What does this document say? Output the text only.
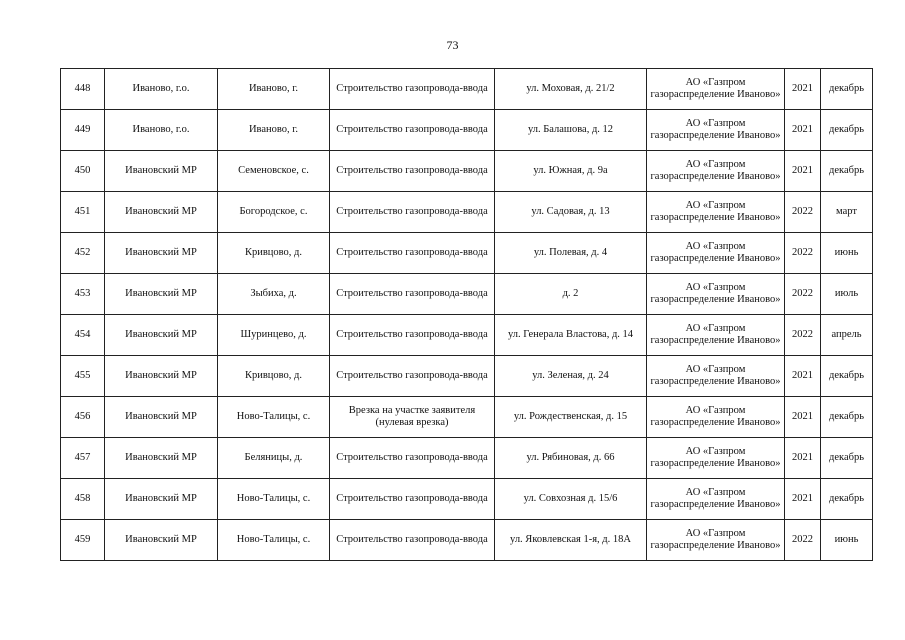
73
448	Иваново, г.о.	Иваново, г.	Строительство газопровода-ввода	ул. Моховая, д. 21/2	АО «Газпром газораспределение Иваново»	2021	декабрь
449	Иваново, г.о.	Иваново, г.	Строительство газопровода-ввода	ул. Балашова, д. 12	АО «Газпром газораспределение Иваново»	2021	декабрь
450	Ивановский МР	Семеновское, с.	Строительство газопровода-ввода	ул. Южная, д. 9а	АО «Газпром газораспределение Иваново»	2021	декабрь
451	Ивановский МР	Богородское, с.	Строительство газопровода-ввода	ул. Садовая, д. 13	АО «Газпром газораспределение Иваново»	2022	март
452	Ивановский МР	Кривцово, д.	Строительство газопровода-ввода	ул. Полевая, д. 4	АО «Газпром газораспределение Иваново»	2022	июнь
453	Ивановский МР	Зыбиха, д.	Строительство газопровода-ввода	д. 2	АО «Газпром газораспределение Иваново»	2022	июль
454	Ивановский МР	Шуринцево, д.	Строительство газопровода-ввода	ул. Генерала Властова, д. 14	АО «Газпром газораспределение Иваново»	2022	апрель
455	Ивановский МР	Кривцово, д.	Строительство газопровода-ввода	ул. Зеленая, д. 24	АО «Газпром газораспределение Иваново»	2021	декабрь
456	Ивановский МР	Ново-Талицы, с.	Врезка на участке заявителя (нулевая врезка)	ул. Рождественская, д. 15	АО «Газпром газораспределение Иваново»	2021	декабрь
457	Ивановский МР	Беляницы, д.	Строительство газопровода-ввода	ул. Рябиновая, д. 66	АО «Газпром газораспределение Иваново»	2021	декабрь
458	Ивановский МР	Ново-Талицы, с.	Строительство газопровода-ввода	ул. Совхозная д. 15/6	АО «Газпром газораспределение Иваново»	2021	декабрь
459	Ивановский МР	Ново-Талицы, с.	Строительство газопровода-ввода	ул. Яковлевская 1-я, д. 18А	АО «Газпром газораспределение Иваново»	2022	июнь
